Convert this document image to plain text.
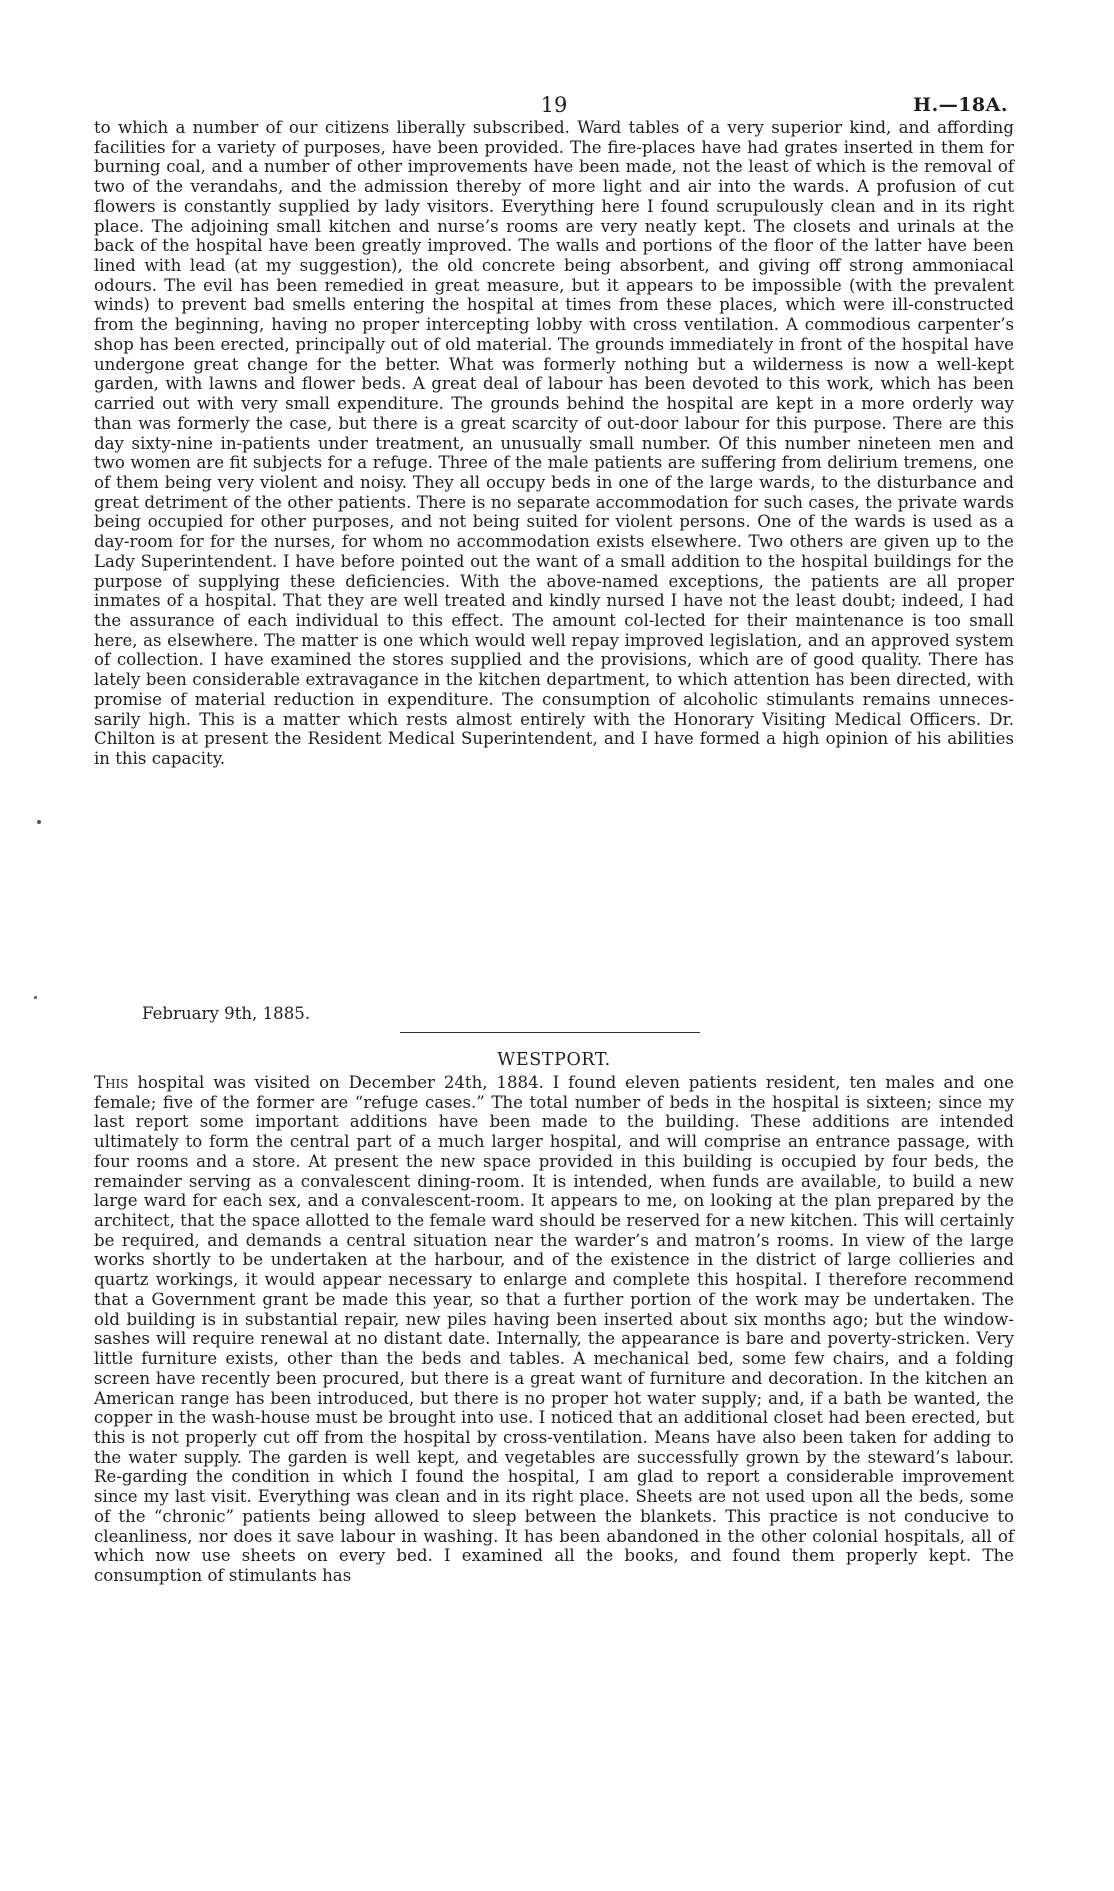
19	H.—18A.

to which a number of our citizens liberally subscribed. Ward tables of a very superior kind, and affording facilities for a variety of purposes, have been provided. The fire-places have had grates inserted in them for burning coal, and a number of other improvements have been made, not the least of which is the removal of two of the verandahs, and the admission thereby of more light and air into the wards. A profusion of cut flowers is constantly supplied by lady visitors. Everything here I found scrupulously clean and in its right place. The adjoining small kitchen and nurse’s rooms are very neatly kept. The closets and urinals at the back of the hospital have been greatly improved. The walls and portions of the floor of the latter have been lined with lead (at my suggestion), the old concrete being absorbent, and giving off strong ammoniacal odours. The evil has been remedied in great measure, but it appears to be impossible (with the prevalent winds) to prevent bad smells entering the hospital at times from these places, which were ill-constructed from the beginning, having no proper intercepting lobby with cross ventilation. A commodious carpenter’s shop has been erected, principally out of old material. The grounds immediately in front of the hospital have undergone great change for the better. What was formerly nothing but a wilderness is now a well-kept garden, with lawns and flower beds. A great deal of labour has been devoted to this work, which has been carried out with very small expenditure. The grounds behind the hospital are kept in a more orderly way than was formerly the case, but there is a great scarcity of out-door labour for this purpose. There are this day sixty-nine in-patients under treatment, an unusually small number. Of this number nineteen men and two women are fit subjects for a refuge. Three of the male patients are suffering from delirium tremens, one of them being very violent and noisy. They all occupy beds in one of the large wards, to the disturbance and great detriment of the other patients. There is no separate accommodation for such cases, the private wards being occupied for other purposes, and not being suited for violent persons. One of the wards is used as a day-room for for the nurses, for whom no accommodation exists elsewhere. Two others are given up to the Lady Superintendent. I have before pointed out the want of a small addition to the hospital buildings for the purpose of supplying these deficiencies. With the above-named exceptions, the patients are all proper inmates of a hospital. That they are well treated and kindly nursed I have not the least doubt; indeed, I had the assurance of each individual to this effect. The amount col-lected for their maintenance is too small here, as elsewhere. The matter is one which would well repay improved legislation, and an approved system of collection. I have examined the stores supplied and the provisions, which are of good quality. There has lately been considerable extravagance in the kitchen department, to which attention has been directed, with promise of material reduction in expenditure. The consumption of alcoholic stimulants remains unneces-sarily high. This is a matter which rests almost entirely with the Honorary Visiting Medical Officers. Dr. Chilton is at present the Resident Medical Superintendent, and I have formed a high opinion of his abilities in this capacity.

February 9th, 1885.
WESTPORT.

This hospital was visited on December 24th, 1884. I found eleven patients resident, ten males and one female; five of the former are “refuge cases.” The total number of beds in the hospital is sixteen; since my last report some important additions have been made to the building. These additions are intended ultimately to form the central part of a much larger hospital, and will comprise an entrance passage, with four rooms and a store. At present the new space provided in this building is occupied by four beds, the remainder serving as a convalescent dining-room. It is intended, when funds are available, to build a new large ward for each sex, and a convalescent-room. It appears to me, on looking at the plan prepared by the architect, that the space allotted to the female ward should be reserved for a new kitchen. This will certainly be required, and demands a central situation near the warder’s and matron’s rooms. In view of the large works shortly to be undertaken at the harbour, and of the existence in the district of large collieries and quartz workings, it would appear necessary to enlarge and complete this hospital. I therefore recommend that a Government grant be made this year, so that a further portion of the work may be undertaken. The old building is in substantial repair, new piles having been inserted about six months ago; but the window-sashes will require renewal at no distant date. Internally, the appearance is bare and poverty-stricken. Very little furniture exists, other than the beds and tables. A mechanical bed, some few chairs, and a folding screen have recently been procured, but there is a great want of furniture and decoration. In the kitchen an American range has been introduced, but there is no proper hot water supply; and, if a bath be wanted, the copper in the wash-house must be brought into use. I noticed that an additional closet had been erected, but this is not properly cut off from the hospital by cross-ventilation. Means have also been taken for adding to the water supply. The garden is well kept, and vegetables are successfully grown by the steward’s labour. Re-garding the condition in which I found the hospital, I am glad to report a considerable improvement since my last visit. Everything was clean and in its right place. Sheets are not used upon all the beds, some of the “chronic” patients being allowed to sleep between the blankets. This practice is not conducive to cleanliness, nor does it save labour in washing. It has been abandoned in the other colonial hospitals, all of which now use sheets on every bed. I examined all the books, and found them properly kept. The consumption of stimulants has
